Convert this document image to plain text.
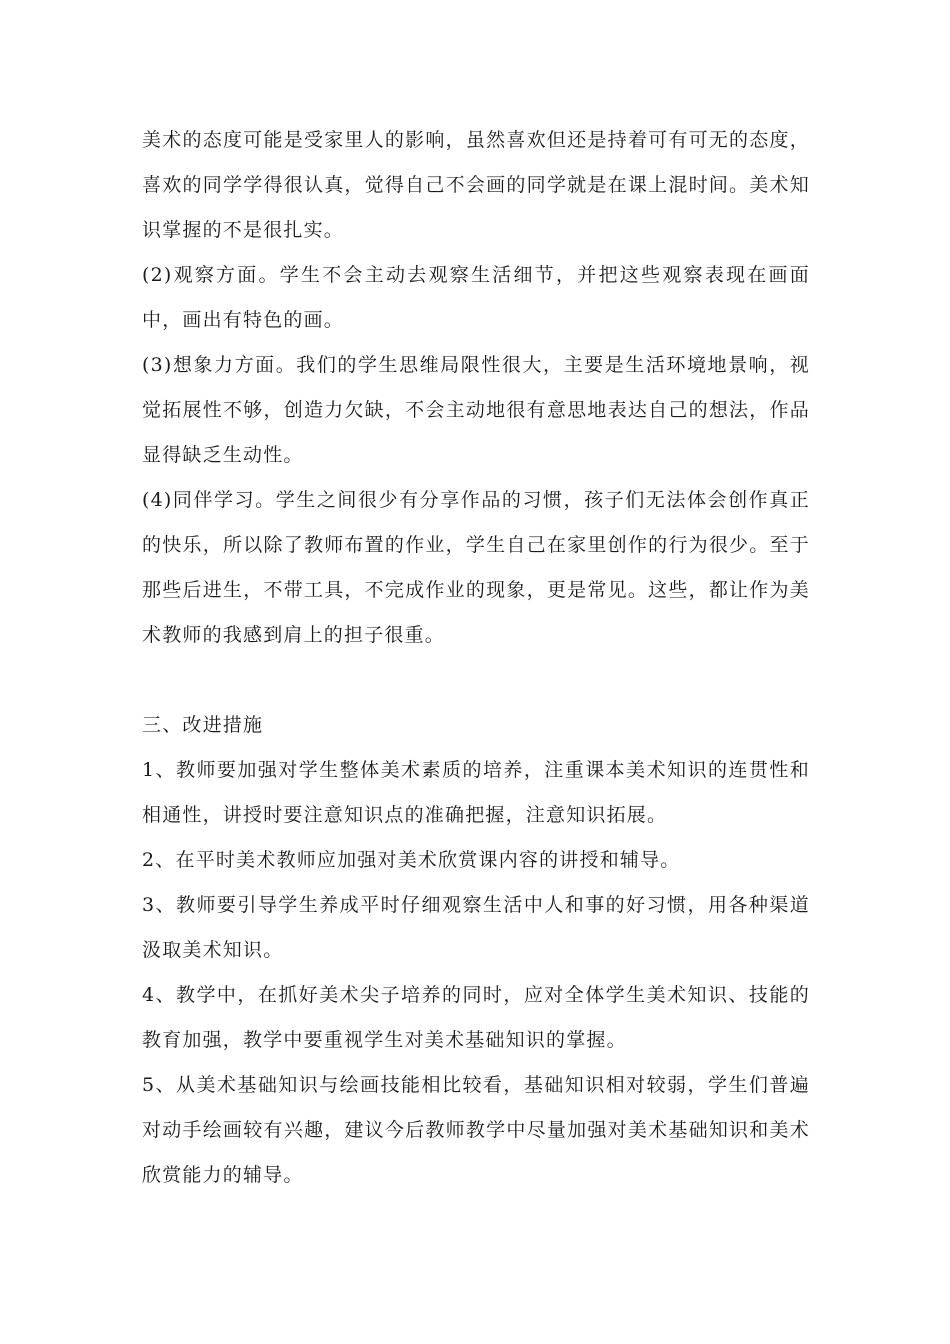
美术的态度可能是受家里人的影响，虽然喜欢但还是持着可有可无的态度，喜欢的同学学得很认真，觉得自己不会画的同学就是在课上混时间。美术知识掌握的不是很扎实。

(2)观察方面。学生不会主动去观察生活细节，并把这些观察表现在画面中，画出有特色的画。

(3)想象力方面。我们的学生思维局限性很大，主要是生活环境地景响，视觉拓展性不够，创造力欠缺，不会主动地很有意思地表达自己的想法，作品显得缺乏生动性。

(4)同伴学习。学生之间很少有分享作品的习惯，孩子们无法体会创作真正的快乐，所以除了教师布置的作业，学生自己在家里创作的行为很少。至于那些后进生，不带工具，不完成作业的现象，更是常见。这些，都让作为美术教师的我感到肩上的担子很重。

三、改进措施

1、教师要加强对学生整体美术素质的培养，注重课本美术知识的连贯性和相通性，讲授时要注意知识点的准确把握，注意知识拓展。

2、在平时美术教师应加强对美术欣赏课内容的讲授和辅导。

3、教师要引导学生养成平时仔细观察生活中人和事的好习惯，用各种渠道汲取美术知识。

4、教学中，在抓好美术尖子培养的同时，应对全体学生美术知识、技能的教育加强，教学中要重视学生对美术基础知识的掌握。

5、从美术基础知识与绘画技能相比较看，基础知识相对较弱，学生们普遍对动手绘画较有兴趣，建议今后教师教学中尽量加强对美术基础知识和美术欣赏能力的辅导。
